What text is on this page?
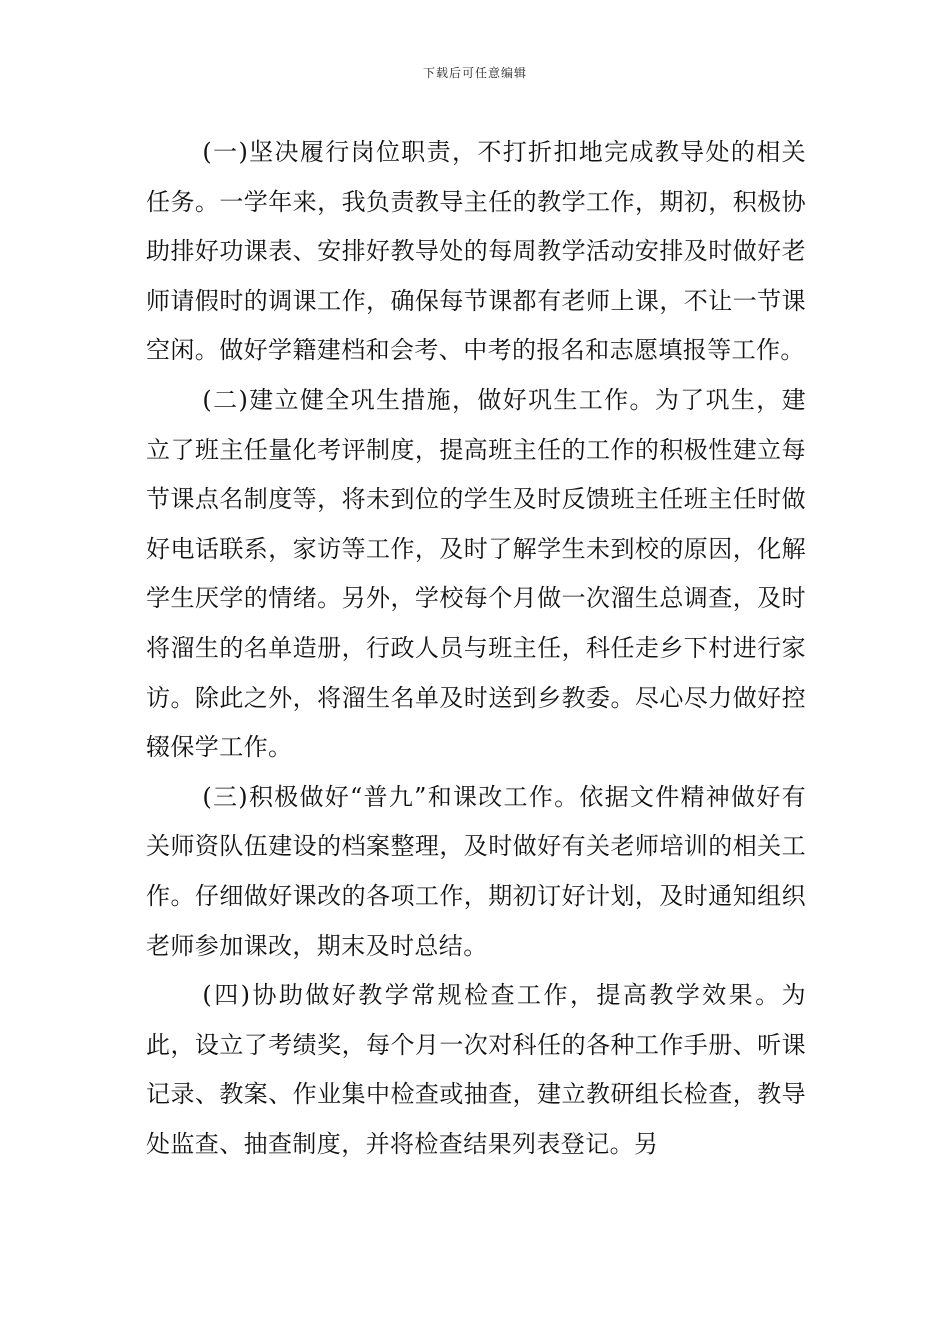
下载后可任意编辑

(一)坚决履行岗位职责，不打折扣地完成教导处的相关任务。一学年来，我负责教导主任的教学工作，期初，积极协助排好功课表、安排好教导处的每周教学活动安排及时做好老师请假时的调课工作，确保每节课都有老师上课，不让一节课空闲。做好学籍建档和会考、中考的报名和志愿填报等工作。

(二)建立健全巩生措施，做好巩生工作。为了巩生，建立了班主任量化考评制度，提高班主任的工作的积极性建立每节课点名制度等，将未到位的学生及时反馈班主任班主任时做好电话联系，家访等工作，及时了解学生未到校的原因，化解学生厌学的情绪。另外，学校每个月做一次溜生总调查，及时将溜生的名单造册，行政人员与班主任，科任走乡下村进行家访。除此之外，将溜生名单及时送到乡教委。尽心尽力做好控辍保学工作。

(三)积极做好“普九”和课改工作。依据文件精神做好有关师资队伍建设的档案整理，及时做好有关老师培训的相关工作。仔细做好课改的各项工作，期初订好计划，及时通知组织老师参加课改，期末及时总结。

(四)协助做好教学常规检查工作，提高教学效果。为此，设立了考绩奖，每个月一次对科任的各种工作手册、听课记录、教案、作业集中检查或抽查，建立教研组长检查，教导处监查、抽查制度，并将检查结果列表登记。另
